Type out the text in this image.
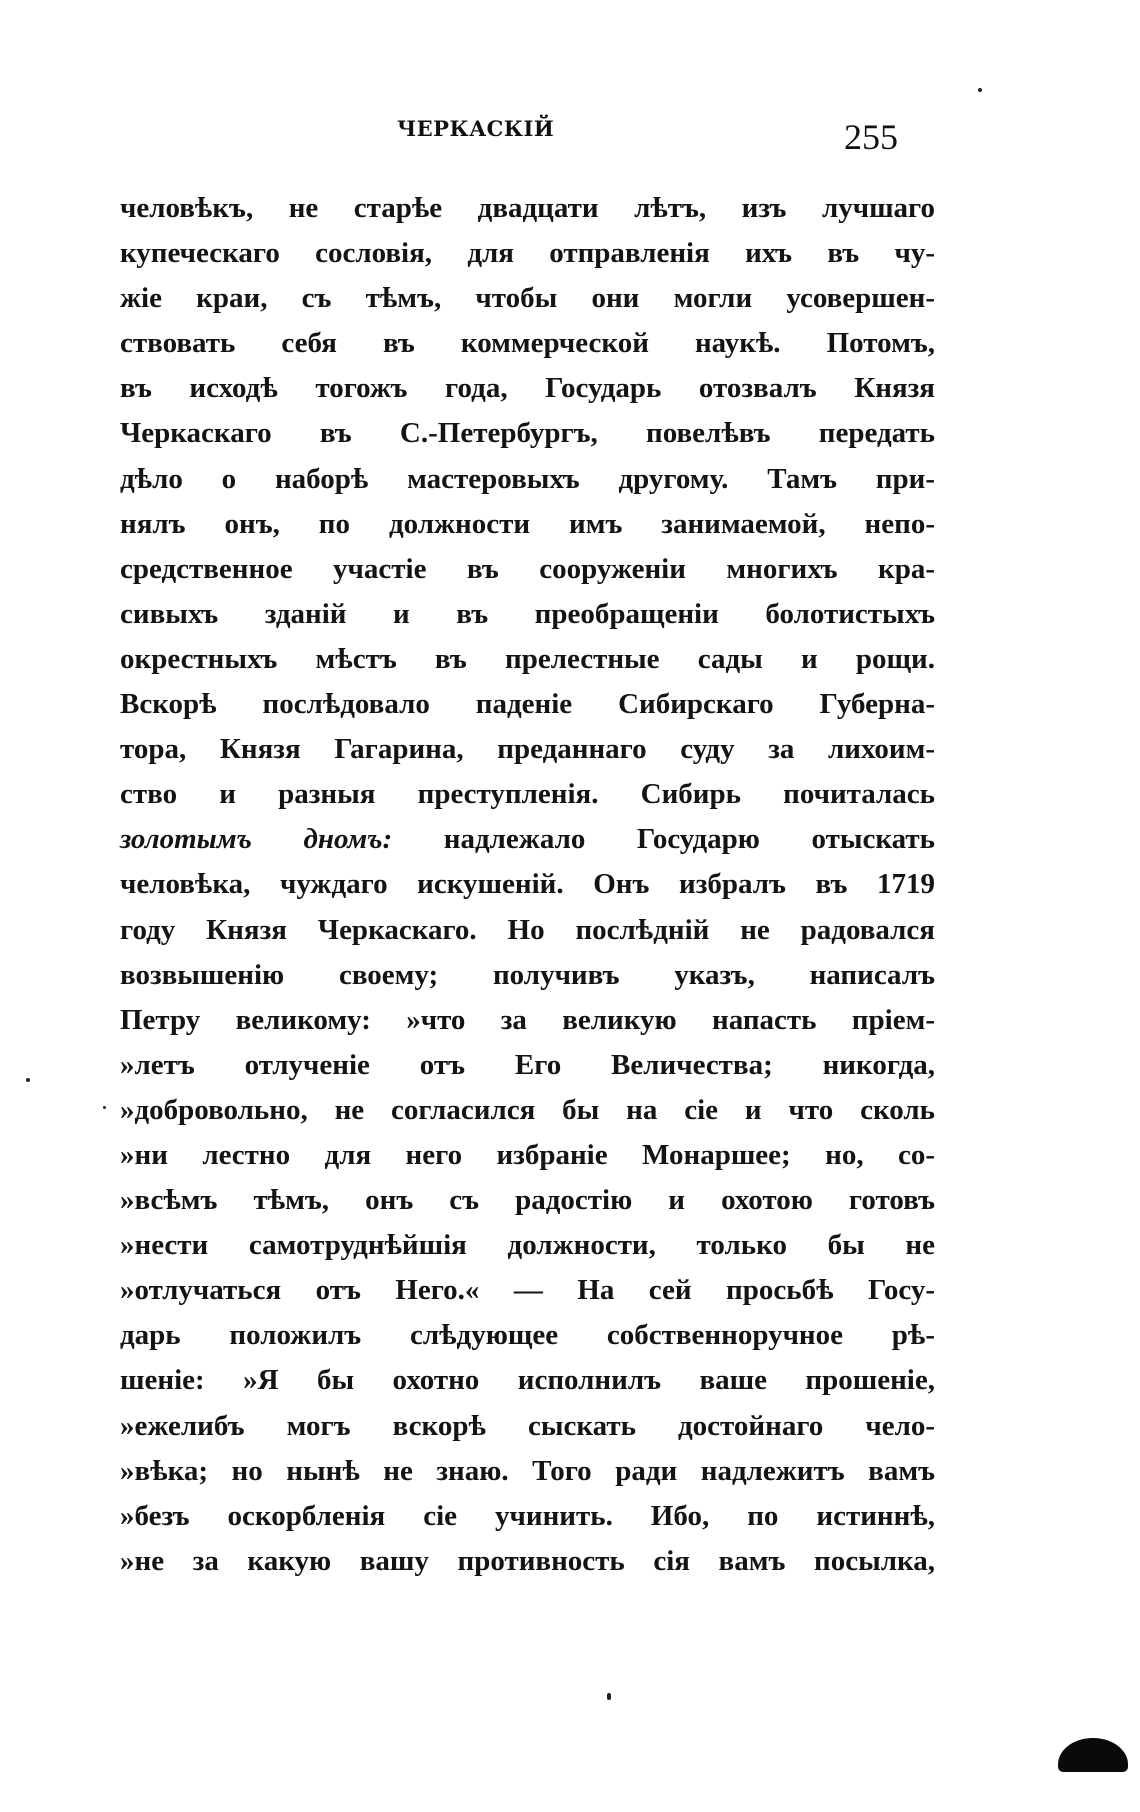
ЧЕРКАСКІЙ	255
человѣкъ, не старѣе двадцати лѣтъ, изъ лучшаго
купеческаго сословія, для отправленія ихъ въ чу-
жіе краи, съ тѣмъ, чтобы они могли усовершен-
ствовать себя въ коммерческой наукѣ. Потомъ,
въ исходѣ тогожъ года, Государь отозвалъ Князя
Черкаскаго въ С.-Петербургъ, повелѣвъ передать
дѣло о наборѣ мастеровыхъ другому. Тамъ при-
нялъ онъ, по должности имъ занимаемой, непо-
средственное участіе въ сооруженіи многихъ кра-
сивыхъ зданій и въ преобращеніи болотистыхъ
окрестныхъ мѣстъ въ прелестные сады и рощи.
Вскорѣ послѣдовало паденіе Сибирскаго Губерна-
тора, Князя Гагарина, преданнаго суду за лихоим-
ство и разныя преступленія. Сибирь почиталась
золотымъ дномъ: надлежало Государю отыскать
человѣка, чуждаго искушеній. Онъ избралъ въ 1719
году Князя Черкаскаго. Но послѣдній не радовался
возвышенію своему; получивъ указъ, написалъ
Петру великому: »что за великую напасть пріем-
»летъ отлученіе отъ Его Величества; никогда,
»добровольно, не согласился бы на сіе и что сколь
»ни лестно для него избраніе Монаршее; но, со-
»всѣмъ тѣмъ, онъ съ радостію и охотою готовъ
»нести самотруднѣйшія должности, только бы не
»отлучаться отъ Него.« — На сей просьбѣ Госу-
дарь положилъ слѣдующее собственноручное рѣ-
шеніе: »Я бы охотно исполнилъ ваше прошеніе,
»ежелибъ могъ вскорѣ сыскать достойнаго чело-
»вѣка; но нынѣ не знаю. Того ради надлежитъ вамъ
»безъ оскорбленія сіе учинить. Ибо, по истиннѣ,
»не за какую вашу противность сія вамъ посылка,
